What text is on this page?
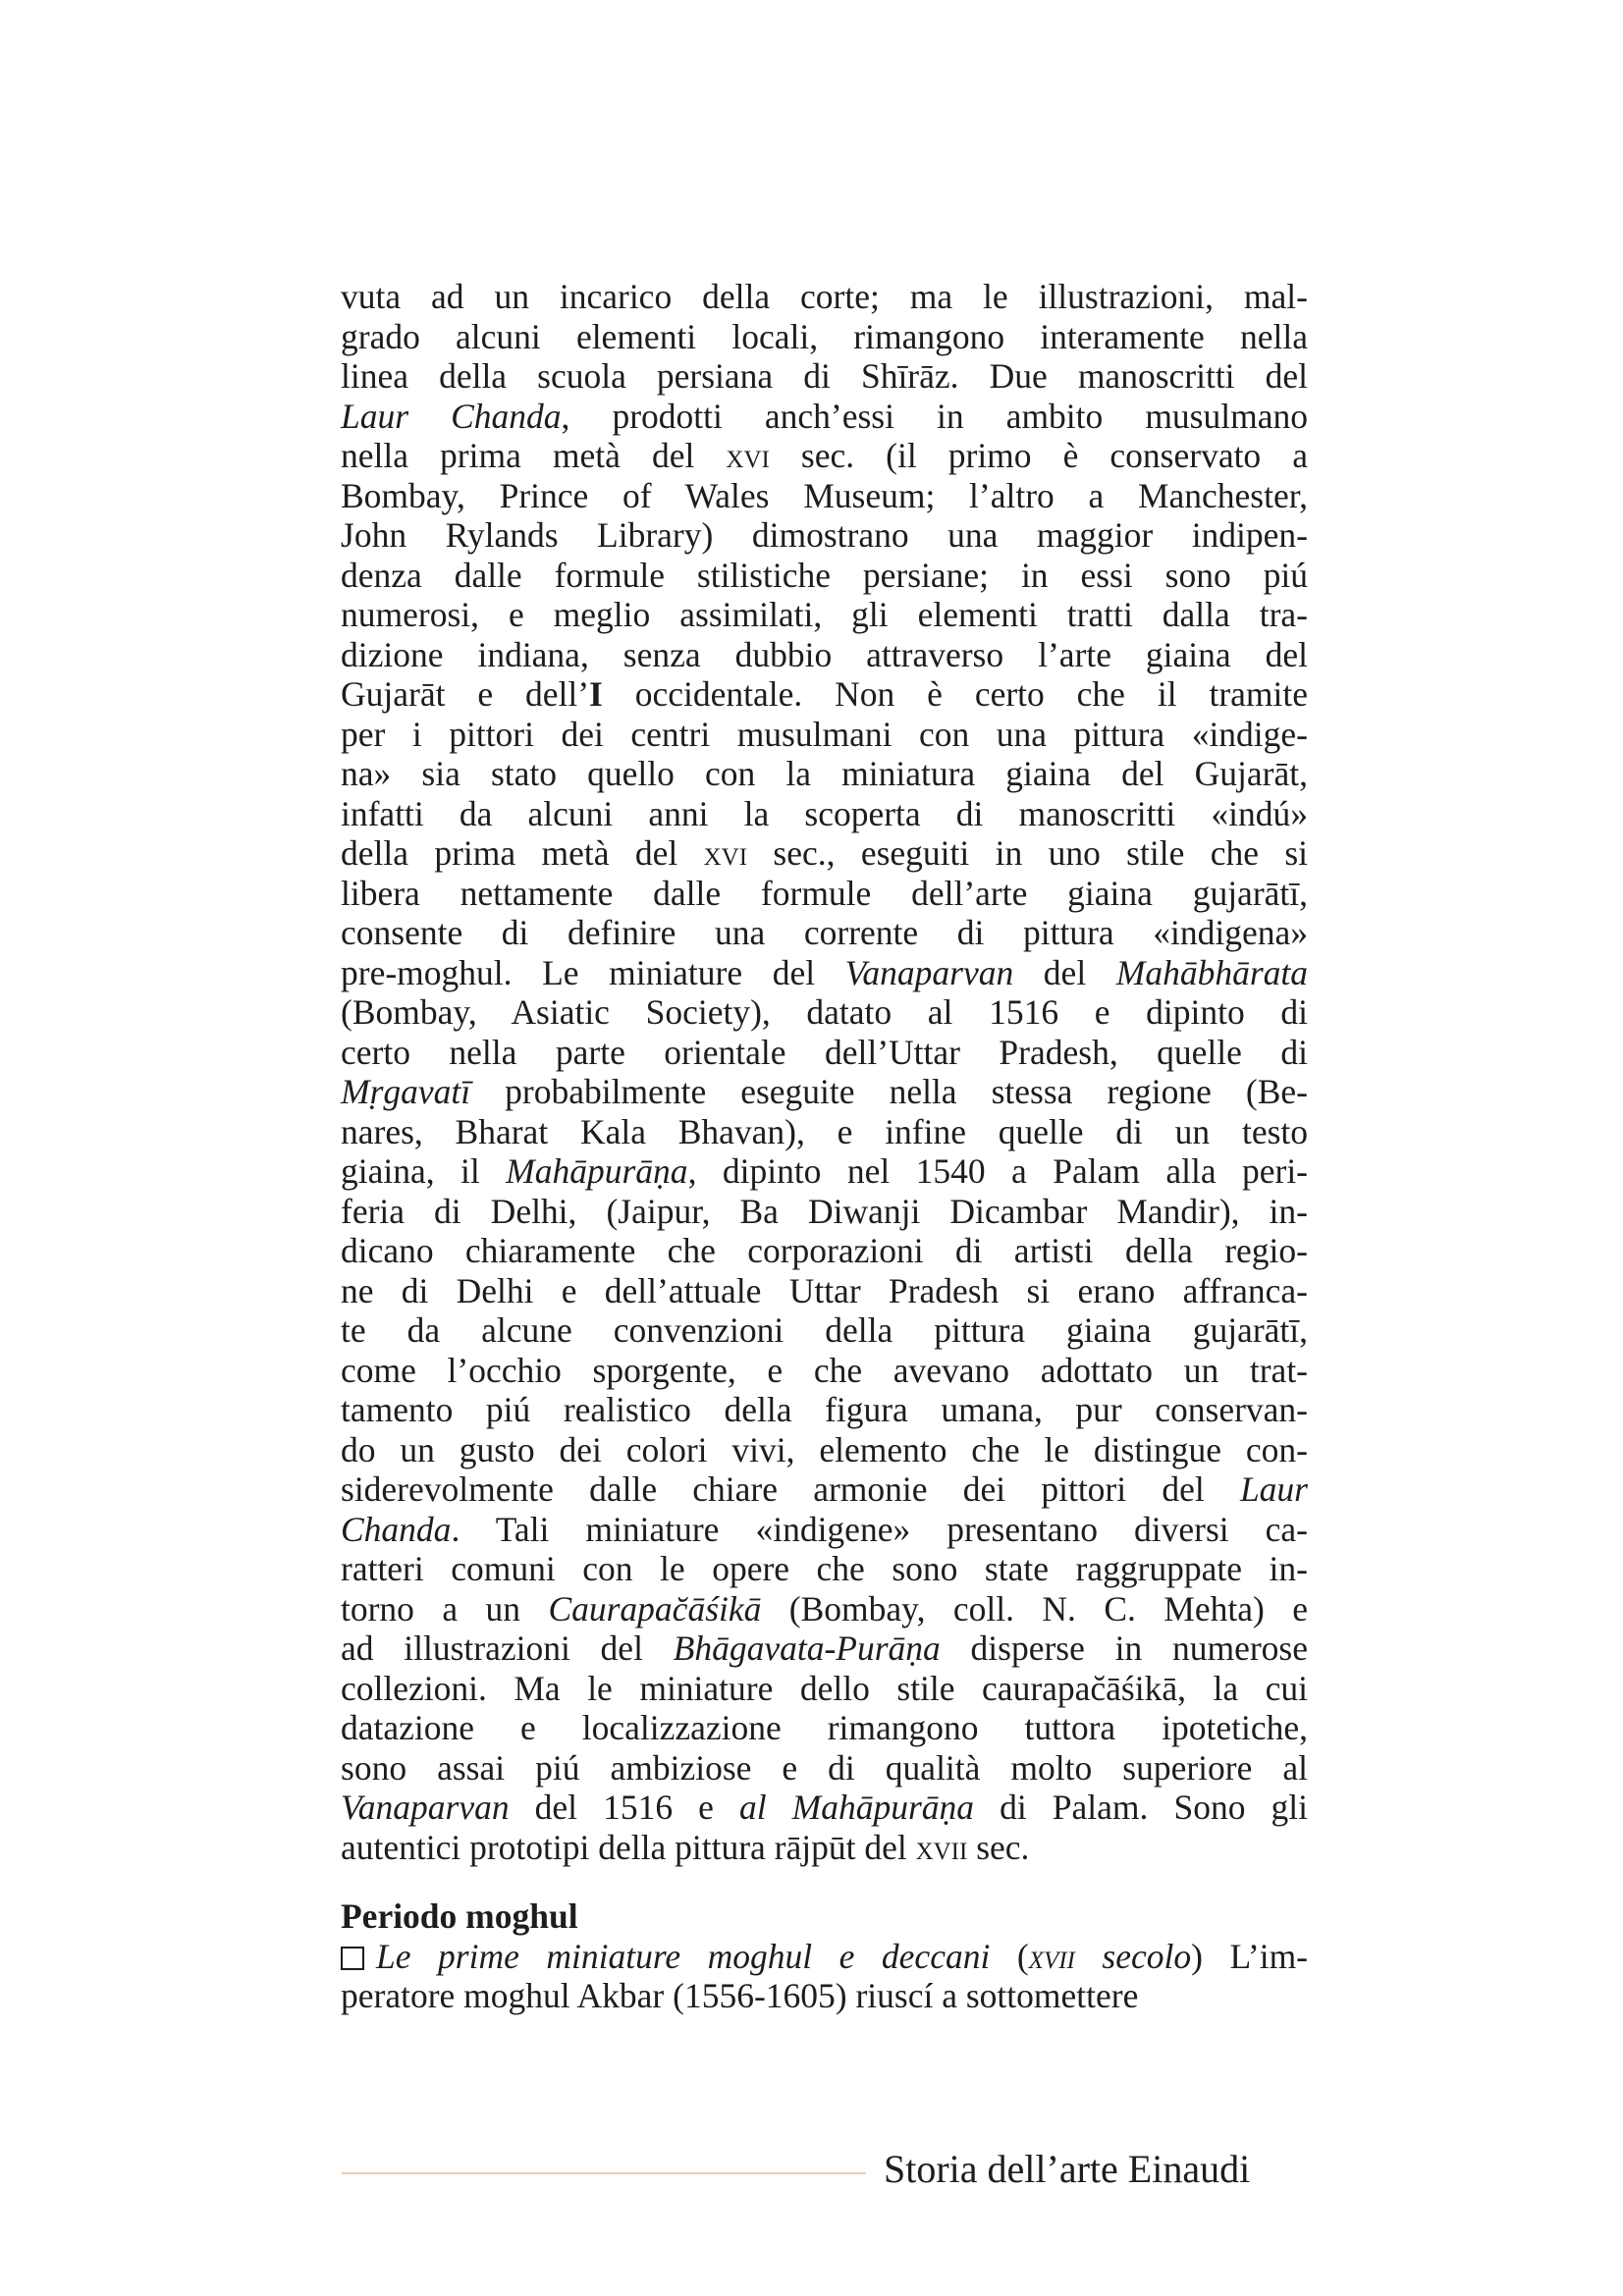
vuta ad un incarico della corte; ma le illustrazioni, mal-
grado alcuni elementi locali, rimangono interamente nella
linea della scuola persiana di Shīrāz. Due manoscritti del
Laur Chanda, prodotti anch’essi in ambito musulmano
nella prima metà del xvi sec. (il primo è conservato a
Bombay, Prince of Wales Museum; l’altro a Manchester,
John Rylands Library) dimostrano una maggior indipen-
denza dalle formule stilistiche persiane; in essi sono piú
numerosi, e meglio assimilati, gli elementi tratti dalla tra-
dizione indiana, senza dubbio attraverso l’arte giaina del
Gujarāt e dell’I occidentale. Non è certo che il tramite
per i pittori dei centri musulmani con una pittura «indige-
na» sia stato quello con la miniatura giaina del Gujarāt,
infatti da alcuni anni la scoperta di manoscritti «indú»
della prima metà del xvi sec., eseguiti in uno stile che si
libera nettamente dalle formule dell’arte giaina gujarātī,
consente di definire una corrente di pittura «indigena»
pre-moghul. Le miniature del Vanaparvan del Mahābhārata
(Bombay, Asiatic Society), datato al 1516 e dipinto di
certo nella parte orientale dell’Uttar Pradesh, quelle di
Mṛgavatī probabilmente eseguite nella stessa regione (Be-
nares, Bharat Kala Bhavan), e infine quelle di un testo
giaina, il Mahāpurāṇa, dipinto nel 1540 a Palam alla peri-
feria di Delhi, (Jaipur, Ba Diwanji Dicambar Mandir), in-
dicano chiaramente che corporazioni di artisti della regio-
ne di Delhi e dell’attuale Uttar Pradesh si erano affranca-
te da alcune convenzioni della pittura giaina gujarātī,
come l’occhio sporgente, e che avevano adottato un trat-
tamento piú realistico della figura umana, pur conservan-
do un gusto dei colori vivi, elemento che le distingue con-
siderevolmente dalle chiare armonie dei pittori del Laur
Chanda. Tali miniature «indigene» presentano diversi ca-
ratteri comuni con le opere che sono state raggruppate in-
torno a un Caurapac̆āśikā (Bombay, coll. N. C. Mehta) e
ad illustrazioni del Bhāgavata-Purāṇa disperse in numerose
collezioni. Ma le miniature dello stile caurapac̆āśikā, la cui
datazione e localizzazione rimangono tuttora ipotetiche,
sono assai piú ambiziose e di qualità molto superiore al
Vanaparvan del 1516 e al Mahāpurāṇa di Palam. Sono gli
autentici prototipi della pittura rājpūt del xvii sec.
Periodo moghul
Le prime miniature moghul e deccani (xvii secolo) L’im-
peratore moghul Akbar (1556-1605) riuscí a sottomettere
Storia dell’arte Einaudi
